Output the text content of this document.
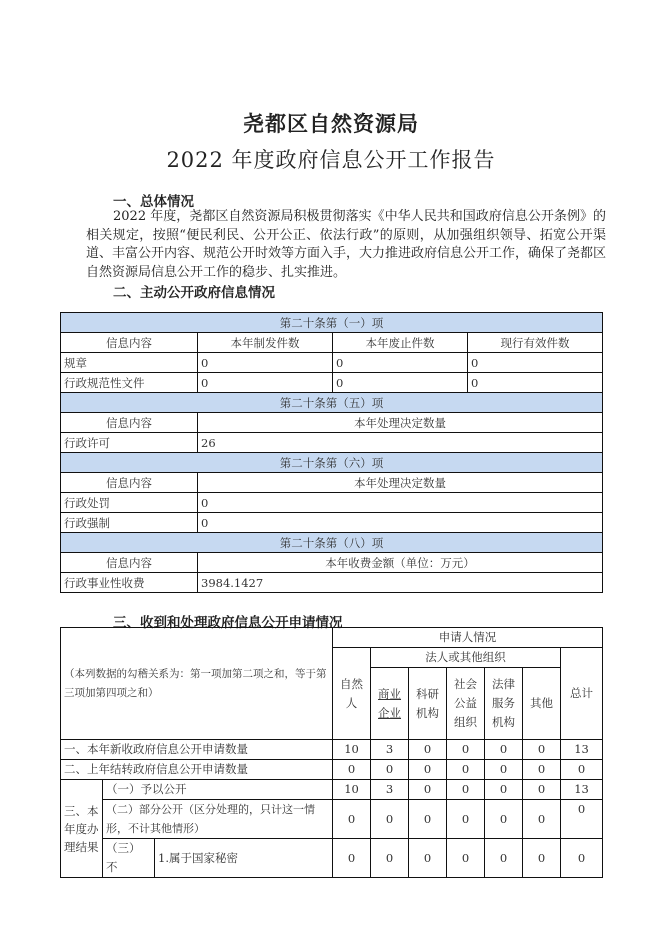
尧都区自然资源局
2022 年度政府信息公开工作报告
一、总体情况
2022 年度，尧都区自然资源局积极贯彻落实《中华人民共和国政府信息公开条例》的相关规定，按照“便民利民、公开公正、依法行政”的原则，从加强组织领导、拓宽公开渠道、丰富公开内容、规范公开时效等方面入手，大力推进政府信息公开工作，确保了尧都区自然资源局信息公开工作的稳步、扎实推进。
二、主动公开政府信息情况
第二十条第（一）项			
信息内容	本年制发件数	本年废止件数	现行有效件数
规章	0	0	0
行政规范性文件	0	0	0
第二十条第（五）项			
信息内容	本年处理决定数量		
行政许可	26		
第二十条第（六）项			
信息内容	本年处理决定数量		
行政处罚	0		
行政强制	0		
第二十条第（八）项			
信息内容	本年收费金额（单位：万元）		
行政事业性收费	3984.1427		
三、收到和处理政府信息公开申请情况
（本列数据的勾稽关系为：第一项加第二项之和，等于第三项加第四项之和）			申请人情况						
			自然人	法人或其他组织					总计
				商业企业	科研机构	社会公益组织	法律服务机构	其他	
一、本年新收政府信息公开申请数量			10	3	0	0	0	0	13
二、上年结转政府信息公开申请数量			0	0	0	0	0	0	0
三、本年度办理结果	（一）予以公开		10	3	0	0	0	0	13
	（二）部分公开（区分处理的，只计这一情形，不计其他情形）		0	0	0	0	0	0	0
	（三）不	1.属于国家秘密	0	0	0	0	0	0	0
